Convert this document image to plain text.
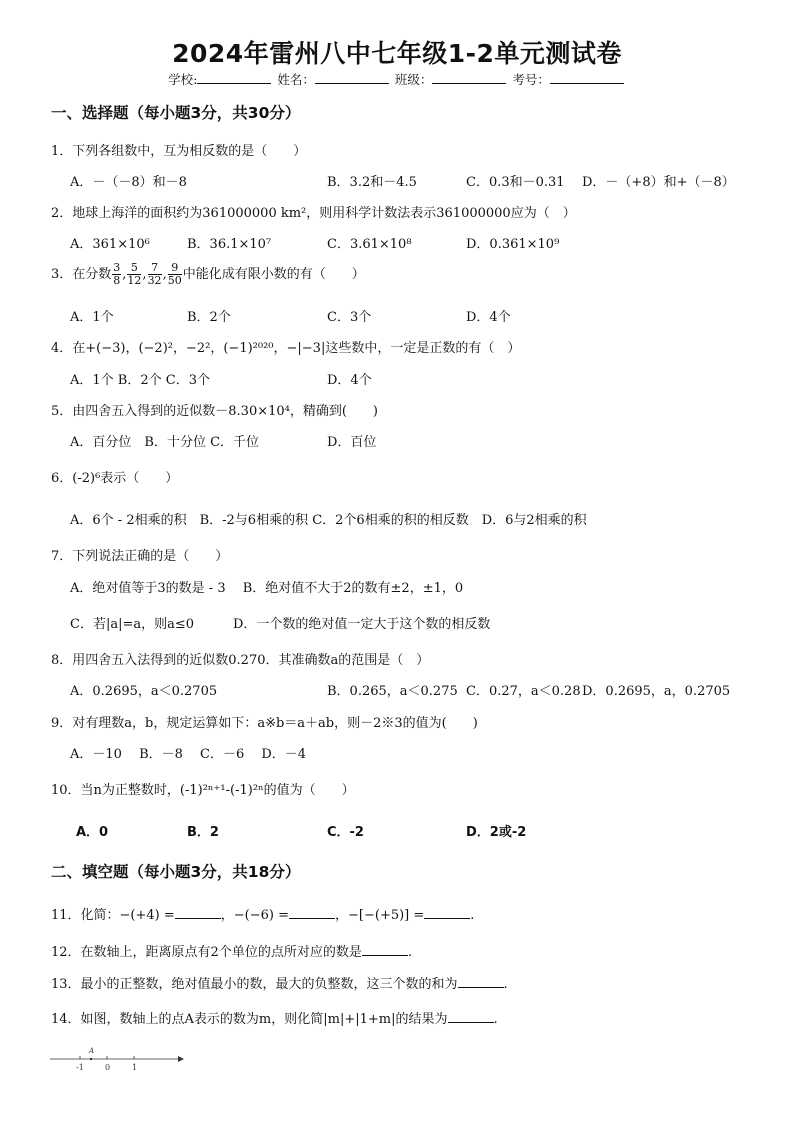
2024年雷州八中七年级1-2单元测试卷
学校:	姓名：	班级：	考号：
一、选择题（每小题3分，共30分）
1．下列各组数中，互为相反数的是（　　）
A．－（－8）和－8	B．3.2和－4.5	C．0.3和－0.31 D．－（+8）和+（－8）
2．地球上海洋的面积约为361000000 km²，则用科学计数法表示361000000应为（　）
A．361×10⁶	B．36.1×10⁷	C．3.61×10⁸	D．0.361×10⁹
3．在分数 $\frac{3}{8}$ , $\frac{5}{12}$ , $\frac{7}{32}$ , $\frac{9}{50}$ 中能化成有限小数的有（　　）
A．1个	B．2个	C．3个	D．4个
4．在+(−3)，(−2)²，−2²，(−1)²⁰²⁰，−|−3|这些数中，一定是正数的有（　）
A．1个 B．2个 C．3个	D．4个
5．由四舍五入得到的近似数－8.30×10⁴，精确到(　　)
A．百分位　B．十分位 C．千位	D．百位
6．(-2)⁶表示（　　）
A．6个 - 2相乘的积　B．-2与6相乘的积 C．2个6相乘的积的相反数　D．6与2相乘的积
7．下列说法正确的是（　　）
A．绝对值等于3的数是 - 3　 B．绝对值不大于2的数有±2，±1，0
C．若|a|=a，则a≤0　　　D．一个数的绝对值一定大于这个数的相反数
8．用四舍五入法得到的近似数0.270．其准确数a的范围是（　）
A．0.2695，a＜0.2705	B．0.265，a＜0.275 C．0.27，a＜0.28 D．0.2695，a，0.2705
9．对有理数a，b，规定运算如下：a※b＝a＋ab，则－2※3的值为(　　)
A．－10　 B．－8　 C．－6　 D．－4
10．当n为正整数时，(-1)²ⁿ⁺¹-(-1)²ⁿ的值为（　　）
A．0	B．2	C．-2	D．2或-2
二、填空题（每小题3分，共18分）
11．化简：−(+4) =	，−(−6) =	，−[−(+5)] =	.
12．在数轴上，距离原点有2个单位的点所对应的数是	.
13．最小的正整数，绝对值最小的数，最大的负整数，这三个数的和为	.
14．如图，数轴上的点A表示的数为m，则化简|m|+|1+m|的结果为	.
A
-1	0	1
